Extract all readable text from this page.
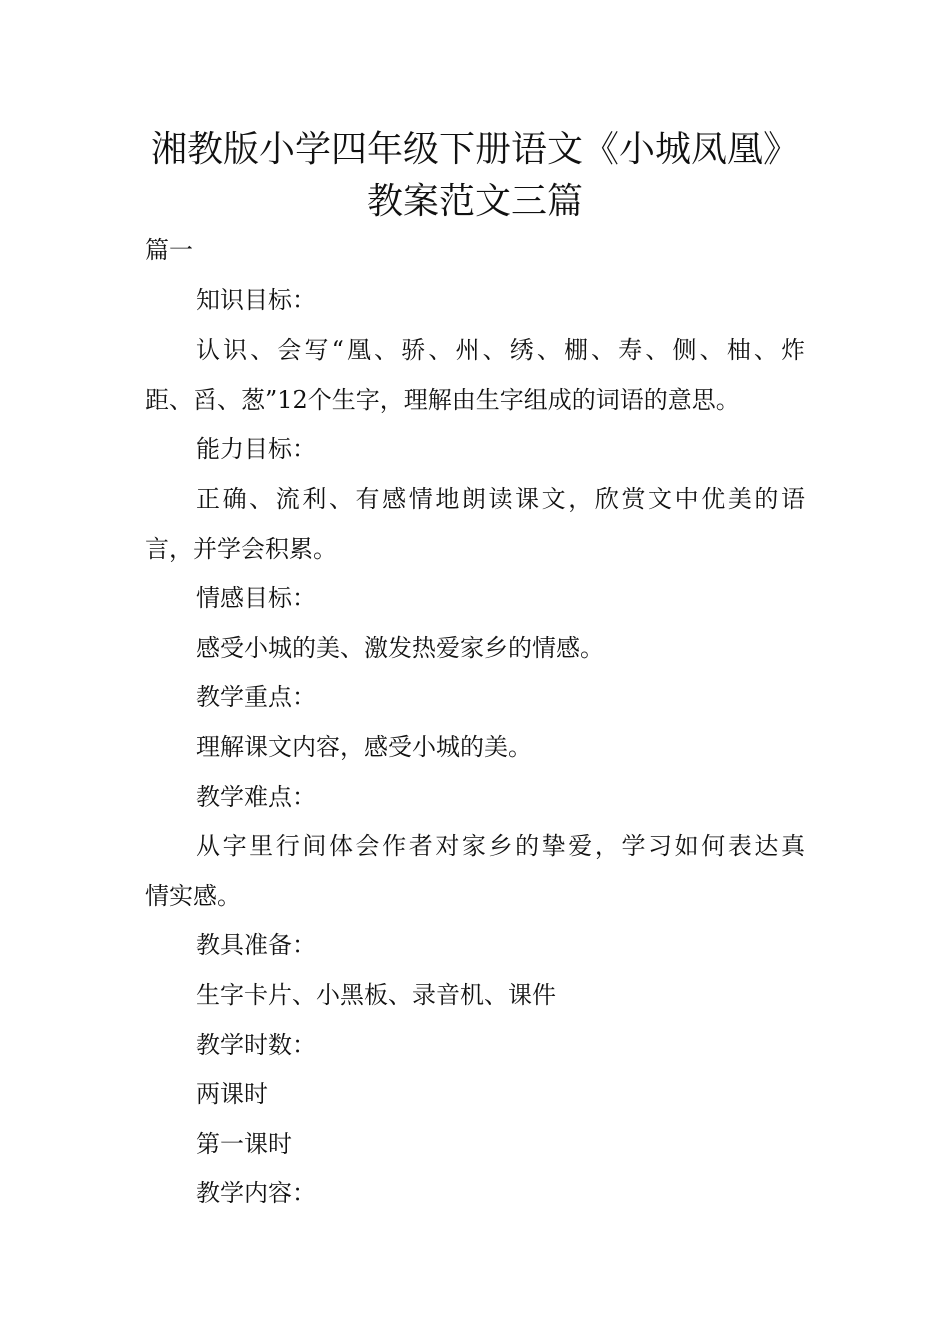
湘教版小学四年级下册语文《小城凤凰》
教案范文三篇
篇一
知识目标：
认识、会写“凰、骄、州、绣、棚、寿、侧、柚、炸
距、舀、葱”12个生字，理解由生字组成的词语的意思。
能力目标：
正确、流利、有感情地朗读课文，欣赏文中优美的语
言，并学会积累。
情感目标：
感受小城的美、激发热爱家乡的情感。
教学重点：
理解课文内容，感受小城的美。
教学难点：
从字里行间体会作者对家乡的挚爱，学习如何表达真
情实感。
教具准备：
生字卡片、小黑板、录音机、课件
教学时数：
两课时
第一课时
教学内容：
